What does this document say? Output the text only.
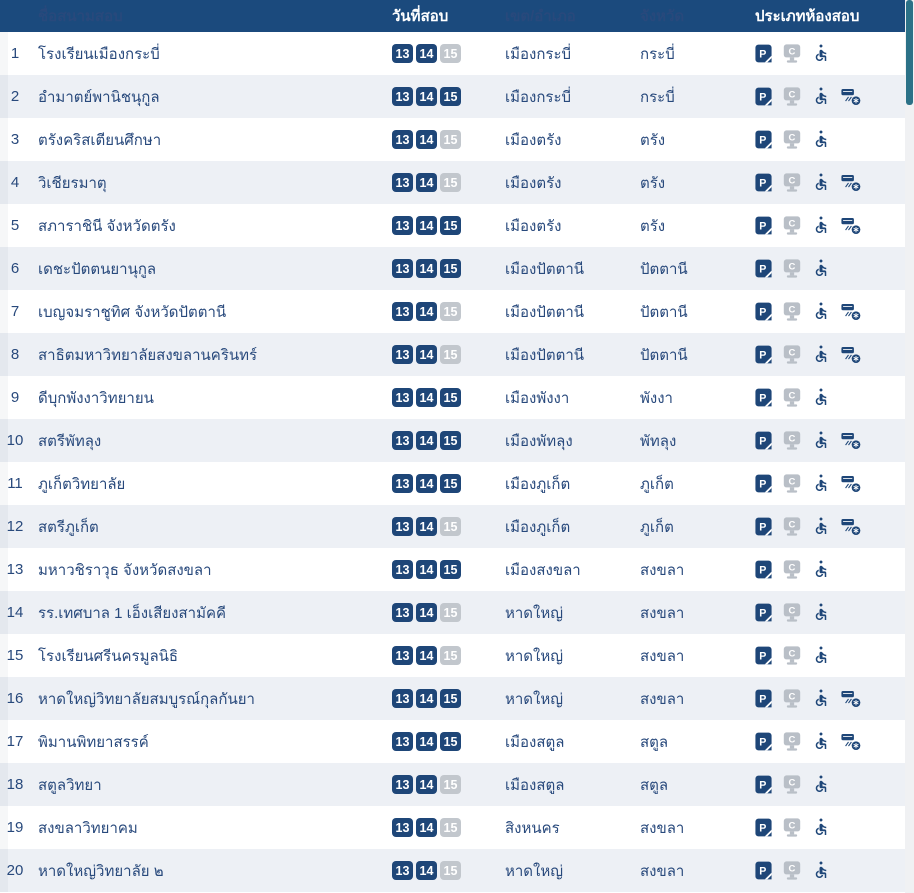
ชื่อสนามสอบ	วันที่สอบ	เขต/อำเภอ	จังหวัด	ประเภทห้องสอบ
1	โรงเรียนเมืองกระบี่	13 14 15	เมืองกระบี่	กระบี่	P C
2	อำมาตย์พานิชนุกูล	13 14 15	เมืองกระบี่	กระบี่	P C
3	ตรังคริสเตียนศึกษา	13 14 15	เมืองตรัง	ตรัง	P C
4	วิเชียรมาตุ	13 14 15	เมืองตรัง	ตรัง	P C
5	สภาราชินี จังหวัดตรัง	13 14 15	เมืองตรัง	ตรัง	P C
6	เดชะปัตตนยานุกูล	13 14 15	เมืองปัตตานี	ปัตตานี	P C
7	เบญจมราชูทิศ จังหวัดปัตตานี	13 14 15	เมืองปัตตานี	ปัตตานี	P C
8	สาธิตมหาวิทยาลัยสงขลานครินทร์	13 14 15	เมืองปัตตานี	ปัตตานี	P C
9	ดีบุกพังงาวิทยายน	13 14 15	เมืองพังงา	พังงา	P C
10 สตรีพัทลุง	13 14 15	เมืองพัทลุง	พัทลุง	P C
11	ภูเก็ตวิทยาลัย	13 14 15	เมืองภูเก็ต	ภูเก็ต	P C
12 สตรีภูเก็ต	13 14 15	เมืองภูเก็ต	ภูเก็ต	P C
13 มหาวชิราวุธ จังหวัดสงขลา	13 14 15	เมืองสงขลา	สงขลา	P C
14 รร.เทศบาล 1 เอ็งเสียงสามัคคี	13 14 15	หาดใหญ่	สงขลา	P C
15 โรงเรียนศรีนครมูลนิธิ	13 14 15	หาดใหญ่	สงขลา	P C
16 หาดใหญ่วิทยาลัยสมบูรณ์กุลกันยา	13 14 15	หาดใหญ่	สงขลา	P C
17 พิมานพิทยาสรรค์	13 14 15	เมืองสตูล	สตูล	P C
18 สตูลวิทยา	13 14 15	เมืองสตูล	สตูล	P C
19 สงขลาวิทยาคม	13 14 15	สิงหนคร	สงขลา	P C
20 หาดใหญ่วิทยาลัย ๒	13 14 15	หาดใหญ่	สงขลา	P C
